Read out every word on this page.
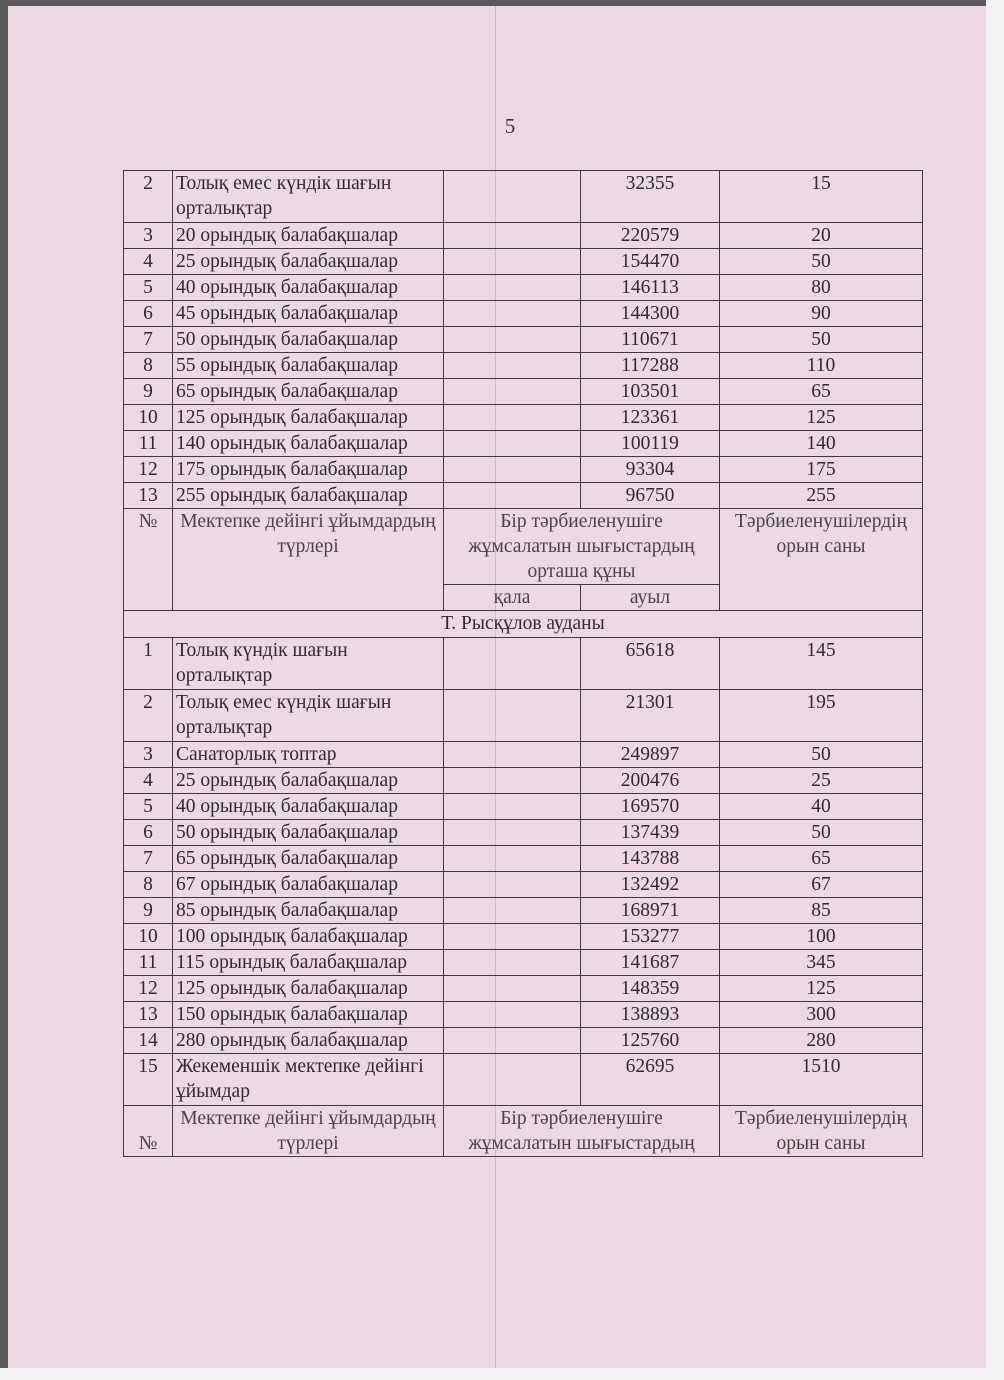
5
2	Толық емес күндік шағын орталықтар		32355	15
3	20 орындық балабақшалар		220579	20
4	25 орындық балабақшалар		154470	50
5	40 орындық балабақшалар		146113	80
6	45 орындық балабақшалар		144300	90
7	50 орындық балабақшалар		110671	50
8	55 орындық балабақшалар		117288	110
9	65 орындық балабақшалар		103501	65
10	125 орындық балабақшалар		123361	125
11	140 орындық балабақшалар		100119	140
12	175 орындық балабақшалар		93304	175
13	255 орындық балабақшалар		96750	255
№	Мектепке дейінгі ұйымдардың түрлері	Бір тәрбиеленушіге жұмсалатын шығыстардың орташа құны		Тәрбиеленушілердің орын саны
		қала	ауыл	
Т. Рысқұлов ауданы				
1	Толық күндік шағын орталықтар		65618	145
2	Толық емес күндік шағын орталықтар		21301	195
3	Санаторлық топтар		249897	50
4	25 орындық балабақшалар		200476	25
5	40 орындық балабақшалар		169570	40
6	50 орындық балабақшалар		137439	50
7	65 орындық балабақшалар		143788	65
8	67 орындық балабақшалар		132492	67
9	85 орындық балабақшалар		168971	85
10	100 орындық балабақшалар		153277	100
11	115 орындық балабақшалар		141687	345
12	125 орындық балабақшалар		148359	125
13	150 орындық балабақшалар		138893	300
14	280 орындық балабақшалар		125760	280
15	Жекеменшік мектепке дейінгі ұйымдар		62695	1510
№	Мектепке дейінгі ұйымдардың түрлері	Бір тәрбиеленушіге жұмсалатын шығыстардың		Тәрбиеленушілердің орын саны
